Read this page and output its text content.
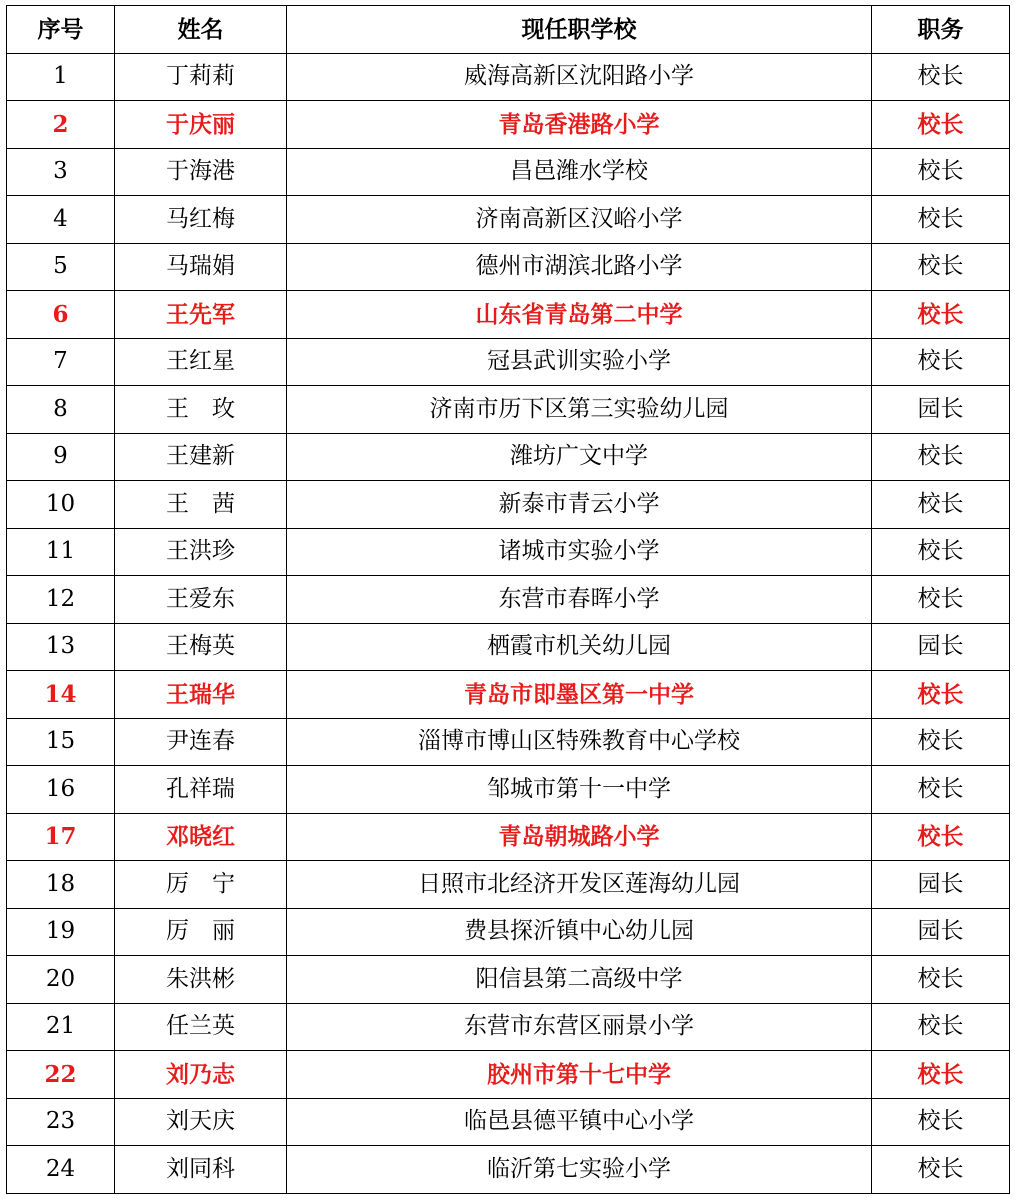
序号	姓名	现任职学校	职务
1	丁莉莉	威海高新区沈阳路小学	校长
2	于庆丽	青岛香港路小学	校长
3	于海港	昌邑潍水学校	校长
4	马红梅	济南高新区汉峪小学	校长
5	马瑞娟	德州市湖滨北路小学	校长
6	王先军	山东省青岛第二中学	校长
7	王红星	冠县武训实验小学	校长
8	王　玫	济南市历下区第三实验幼儿园	园长
9	王建新	潍坊广文中学	校长
10	王　茜	新泰市青云小学	校长
11	王洪珍	诸城市实验小学	校长
12	王爱东	东营市春晖小学	校长
13	王梅英	栖霞市机关幼儿园	园长
14	王瑞华	青岛市即墨区第一中学	校长
15	尹连春	淄博市博山区特殊教育中心学校	校长
16	孔祥瑞	邹城市第十一中学	校长
17	邓晓红	青岛朝城路小学	校长
18	厉　宁	日照市北经济开发区莲海幼儿园	园长
19	厉　丽	费县探沂镇中心幼儿园	园长
20	朱洪彬	阳信县第二高级中学	校长
21	任兰英	东营市东营区丽景小学	校长
22	刘乃志	胶州市第十七中学	校长
23	刘天庆	临邑县德平镇中心小学	校长
24	刘同科	临沂第七实验小学	校长
